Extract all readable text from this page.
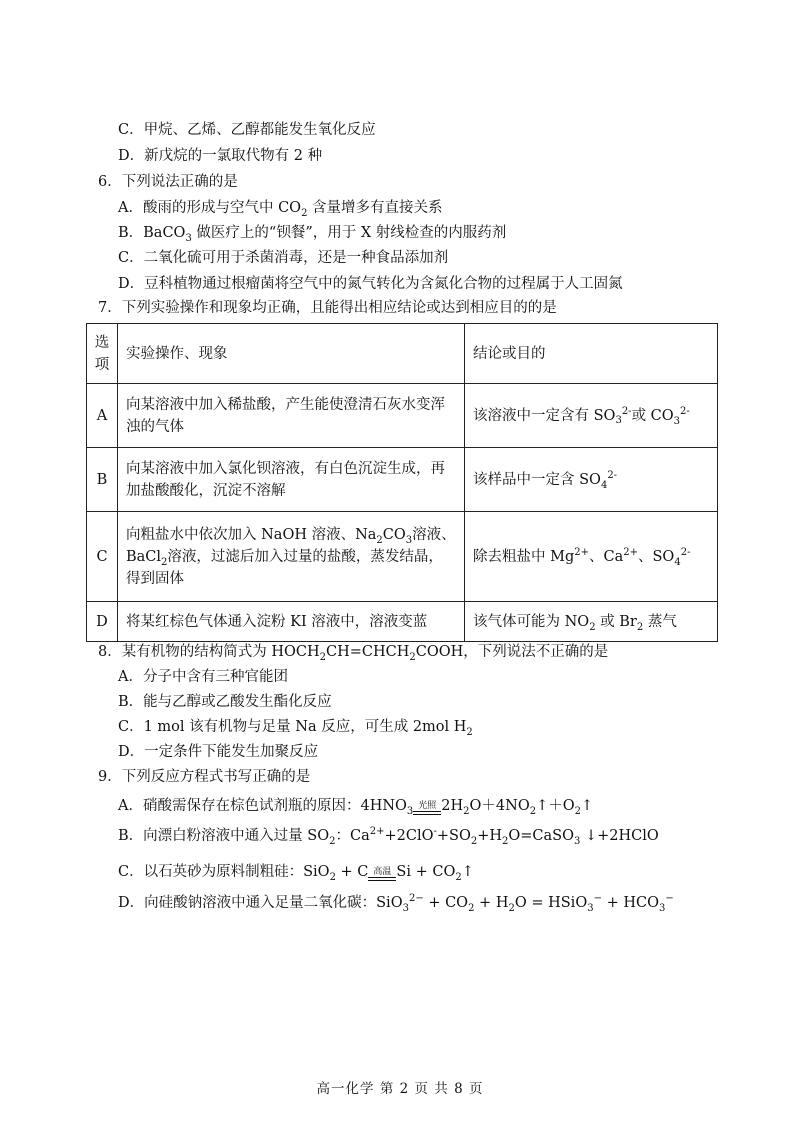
C．甲烷、乙烯、乙醇都能发生氧化反应
D．新戊烷的一氯取代物有 2 种
6．下列说法正确的是
A．酸雨的形成与空气中 $CO_2$ 含量增多有直接关系
B．BaCO$_3$ 做医疗上的“钡餐”，用于 X 射线检查的内服药剂
C．二氧化硫可用于杀菌消毒，还是一种食品添加剂
D．豆科植物通过根瘤菌将空气中的氮气转化为含氮化合物的过程属于人工固氮
7．下列实验操作和现象均正确，且能得出相应结论或达到相应目的的是
选
项	实验操作、现象	结论或目的
A	向某溶液中加入稀盐酸，产生能使澄清石灰水变浑浊的气体	该溶液中一定含有 $SO_3^{2-}$或 $CO_3^{2-}$
B	向某溶液中加入氯化钡溶液，有白色沉淀生成，再加盐酸酸化，沉淀不溶解	该样品中一定含 $SO_4^{2-}$
C	向粗盐水中依次加入 NaOH 溶液、$Na_2CO_3$溶液、BaCl$_2$溶液，过滤后加入过量的盐酸，蒸发结晶，得到固体	除去粗盐中 $Mg^{2+}$、$Ca^{2+}$、$SO_4^{2-}$
D	将某红棕色气体通入淀粉 KI 溶液中，溶液变蓝	该气体可能为 $NO_2$ 或 $Br_2$ 蒸气
8．某有机物的结构简式为 $HOCH_2CH=CHCH_2COOH$，下列说法不正确的是
A．分子中含有三种官能团
B．能与乙醇或乙酸发生酯化反应
C．1 mol 该有机物与足量 Na 反应，可生成 2mol $H_2$
D．一定条件下能发生加聚反应
9．下列反应方程式书写正确的是
A．硝酸需保存在棕色试剂瓶的原因：$4HNO_3$ 光照 $2H_2O+4NO_2↑+O_2↑$
B．向漂白粉溶液中通入过量 $SO_2$：$Ca^{2+}+2ClO^-+SO_2+H_2O=CaSO_3$ ↓+2HClO
C．以石英砂为原料制粗硅：SiO$_2$ + C 高温 $Si + CO_2↑$
D．向硅酸钠溶液中通入足量二氧化碳：$SiO_3^{2-} + CO_2 + H_2O$ = HSiO$_3$− + $HCO_3^-$
高一化学 第 2 页 共 8 页
